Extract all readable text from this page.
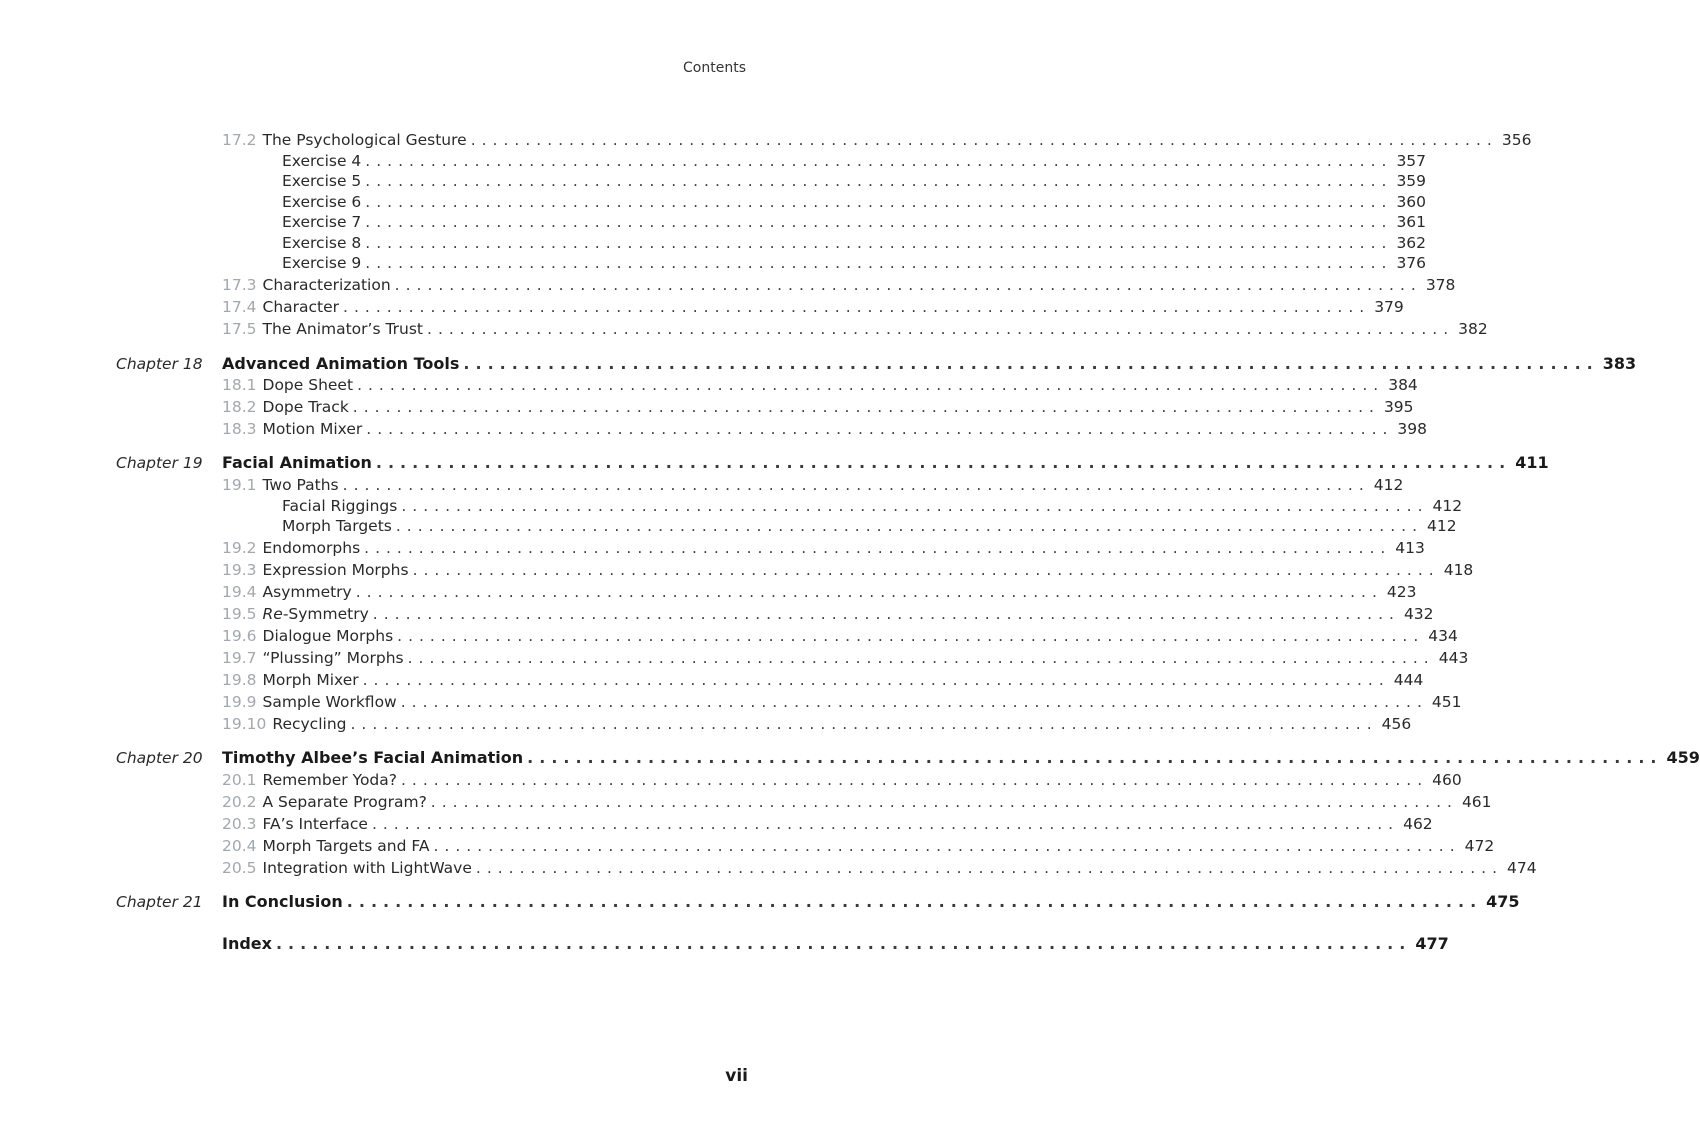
Contents
17.2 The Psychological Gesture .............................................................................................. 356
Exercise 4 .............................................................................................. 357
Exercise 5 .............................................................................................. 359
Exercise 6 .............................................................................................. 360
Exercise 7 .............................................................................................. 361
Exercise 8 .............................................................................................. 362
Exercise 9 .............................................................................................. 376
17.3 Characterization .............................................................................................. 378
17.4 Character .............................................................................................. 379
17.5 The Animator’s Trust .............................................................................................. 382
Chapter 18	Advanced Animation Tools .............................................................................................. 383
18.1 Dope Sheet .............................................................................................. 384
18.2 Dope Track .............................................................................................. 395
18.3 Motion Mixer .............................................................................................. 398
Chapter 19	Facial Animation .............................................................................................. 411
19.1 Two Paths .............................................................................................. 412
Facial Riggings .............................................................................................. 412
Morph Targets .............................................................................................. 412
19.2 Endomorphs .............................................................................................. 413
19.3 Expression Morphs .............................................................................................. 418
19.4 Asymmetry .............................................................................................. 423
19.5 Re-Symmetry .............................................................................................. 432
19.6 Dialogue Morphs .............................................................................................. 434
19.7 “Plussing” Morphs .............................................................................................. 443
19.8 Morph Mixer .............................................................................................. 444
19.9 Sample Workflow .............................................................................................. 451
19.10 Recycling .............................................................................................. 456
Chapter 20	Timothy Albee’s Facial Animation .............................................................................................. 459
20.1 Remember Yoda? .............................................................................................. 460
20.2 A Separate Program? .............................................................................................. 461
20.3 FA’s Interface .............................................................................................. 462
20.4 Morph Targets and FA .............................................................................................. 472
20.5 Integration with LightWave .............................................................................................. 474
Chapter 21	In Conclusion .............................................................................................. 475
Index .............................................................................................. 477
vii
